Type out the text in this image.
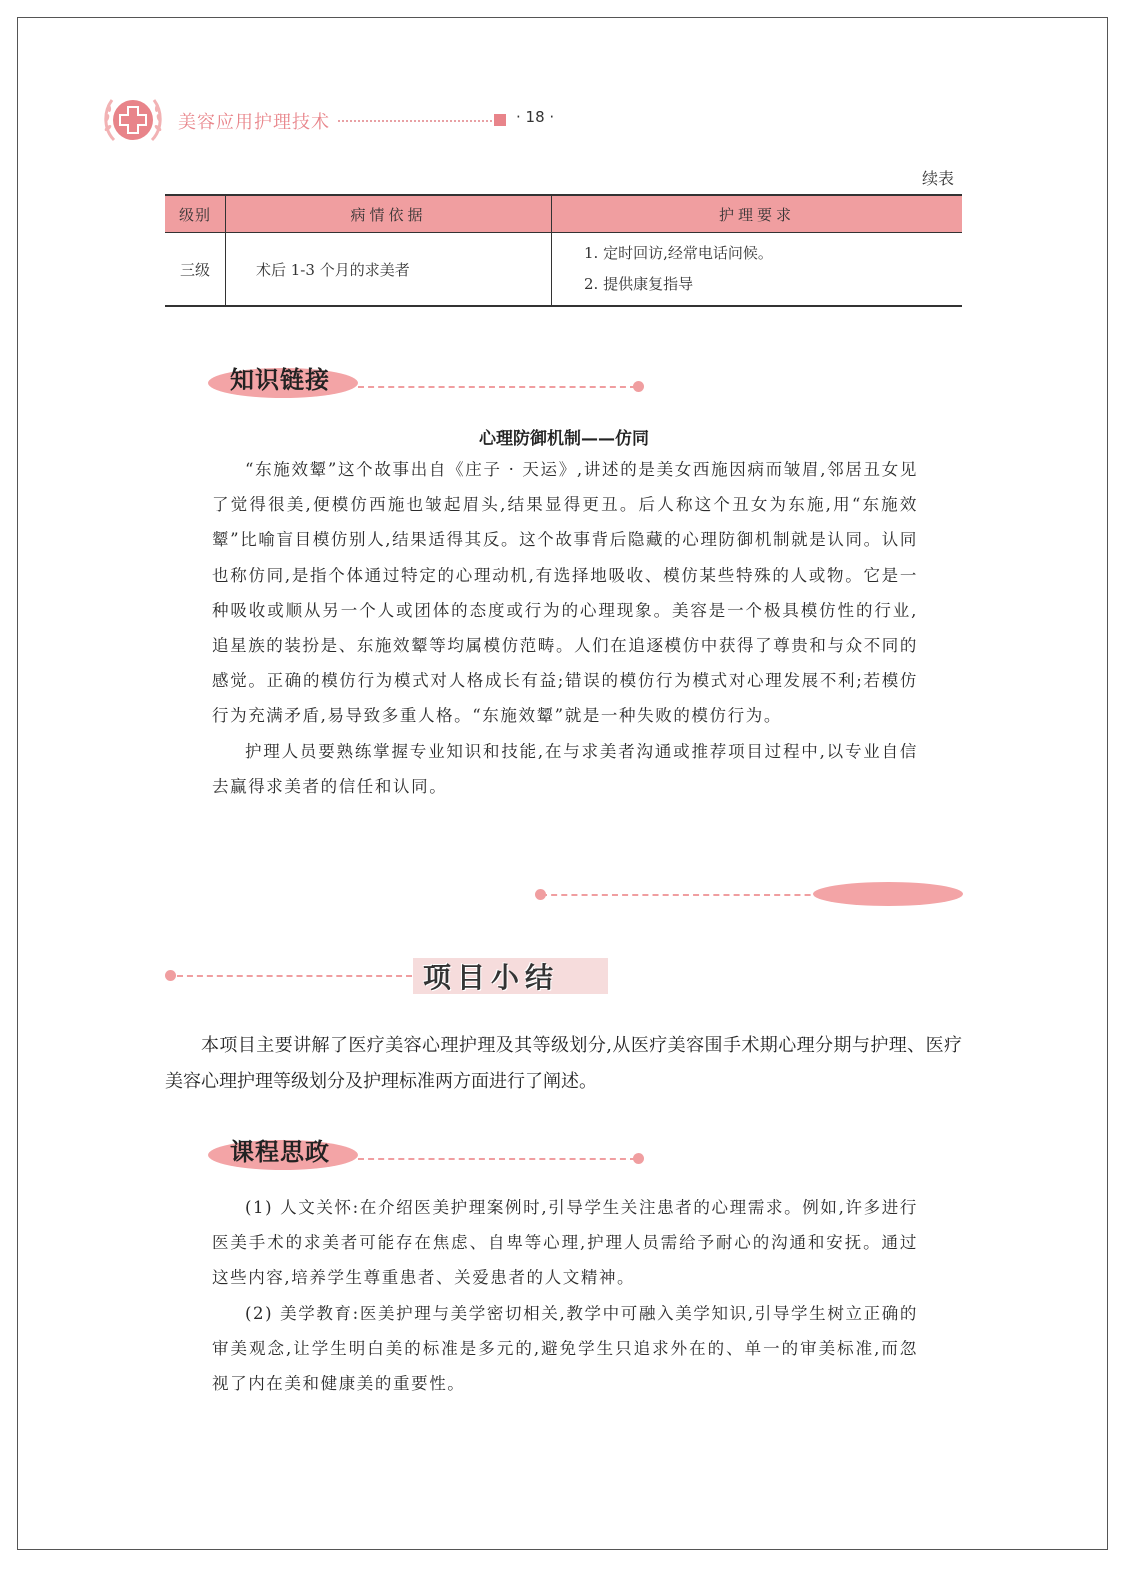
美容应用护理技术	· 18 ·
续表
级别	病情依据	护理要求
三级	术后 1-3 个月的求美者	1. 定时回访,经常电话问候。
2. 提供康复指导
知识链接
心理防御机制——仿同

“东施效颦”这个故事出自《庄子 · 天运》,讲述的是美女西施因病而皱眉,邻居丑女见了觉得很美,便模仿西施也皱起眉头,结果显得更丑。后人称这个丑女为东施,用“东施效颦”比喻盲目模仿别人,结果适得其反。这个故事背后隐藏的心理防御机制就是认同。认同也称仿同,是指个体通过特定的心理动机,有选择地吸收、模仿某些特殊的人或物。它是一种吸收或顺从另一个人或团体的态度或行为的心理现象。美容是一个极具模仿性的行业,追星族的装扮是、东施效颦等均属模仿范畴。人们在追逐模仿中获得了尊贵和与众不同的感觉。正确的模仿行为模式对人格成长有益;错误的模仿行为模式对心理发展不利;若模仿行为充满矛盾,易导致多重人格。“东施效颦”就是一种失败的模仿行为。

护理人员要熟练掌握专业知识和技能,在与求美者沟通或推荐项目过程中,以专业自信去赢得求美者的信任和认同。

项目小结

本项目主要讲解了医疗美容心理护理及其等级划分,从医疗美容围手术期心理分期与护理、医疗美容心理护理等级划分及护理标准两方面进行了阐述。

课程思政

(1) 人文关怀:在介绍医美护理案例时,引导学生关注患者的心理需求。例如,许多进行医美手术的求美者可能存在焦虑、自卑等心理,护理人员需给予耐心的沟通和安抚。通过这些内容,培养学生尊重患者、关爱患者的人文精神。

(2) 美学教育:医美护理与美学密切相关,教学中可融入美学知识,引导学生树立正确的审美观念,让学生明白美的标准是多元的,避免学生只追求外在的、单一的审美标准,而忽视了内在美和健康美的重要性。
